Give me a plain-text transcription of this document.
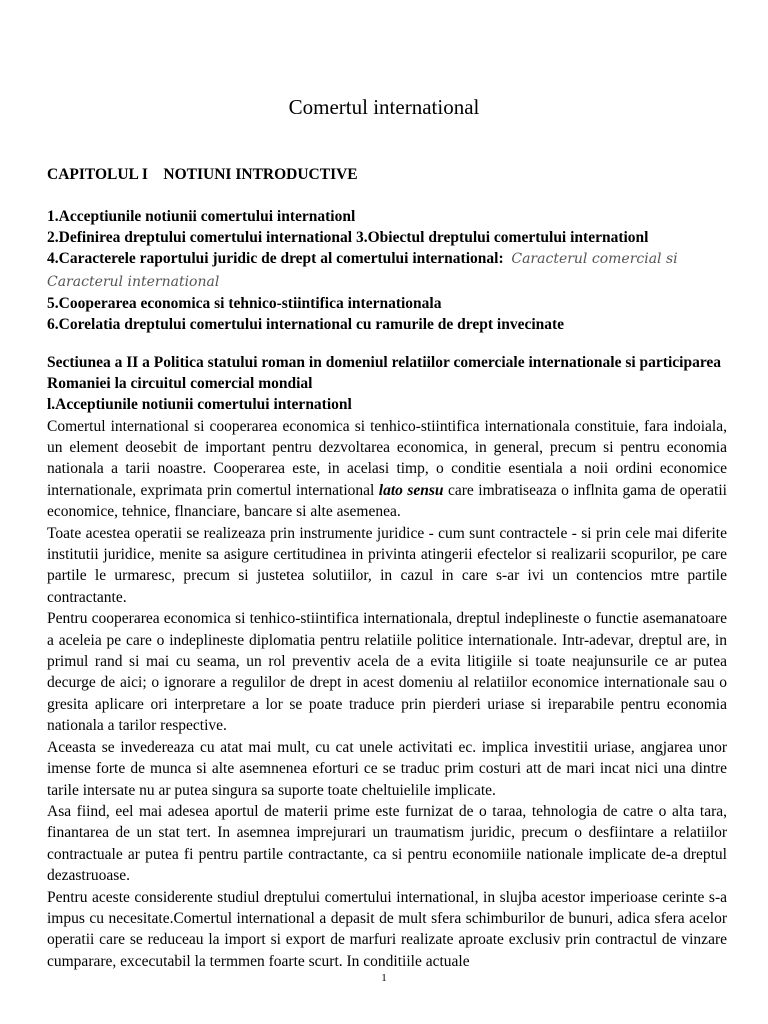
Comertul international
CAPITOLUL I    NOTIUNI INTRODUCTIVE
1.Acceptiunile notiunii comertului internationl
2.Definirea dreptului comertului international 3.Obiectul dreptului comertului internationl
4.Caracterele raportului juridic de drept al comertului international: Caracterul comercial si Caracterul international
5.Cooperarea economica si tehnico-stiintifica internationala
6.Corelatia dreptului comertului international cu ramurile de drept invecinate
Sectiunea a II a Politica statului roman in domeniul relatiilor comerciale internationale si participarea Romaniei la circuitul comercial mondial
l.Acceptiunile notiunii comertului internationl

Comertul international si cooperarea economica si tenhico-stiintifica internationala constituie, fara indoiala, un element deosebit de important pentru dezvoltarea economica, in general, precum si pentru economia nationala a tarii noastre. Cooperarea este, in acelasi timp, o conditie esentiala a noii ordini economice internationale, exprimata prin comertul international lato sensu care imbratiseaza o inflnita gama de operatii economice, tehnice, flnanciare, bancare si alte asemenea.

Toate acestea operatii se realizeaza prin instrumente juridice - cum sunt contractele - si prin cele mai diferite institutii juridice, menite sa asigure certitudinea in privinta atingerii efectelor si realizarii scopurilor, pe care partile le urmaresc, precum si justetea solutiilor, in cazul in care s-ar ivi un contencios mtre partile contractante.

Pentru cooperarea economica si tenhico-stiintifica internationala, dreptul indeplineste o functie asemanatoare a aceleia pe care o indeplineste diplomatia pentru relatiile politice internationale. Intr-adevar, dreptul are, in primul rand si mai cu seama, un rol preventiv acela de a evita litigiile si toate neajunsurile ce ar putea decurge de aici; o ignorare a regulilor de drept in acest domeniu al relatiilor economice internationale sau o gresita aplicare ori interpretare a lor se poate traduce prin pierderi uriase si ireparabile pentru economia nationala a tarilor respective.

Aceasta se invedereaza cu atat mai mult, cu cat unele activitati ec. implica investitii uriase, angjarea unor imense forte de munca si alte asemnenea eforturi ce se traduc prim costuri att de mari incat nici una dintre tarile intersate nu ar putea singura sa suporte toate cheltuielile implicate.

Asa fiind, eel mai adesea aportul de materii prime este furnizat de o taraa, tehnologia de catre o alta tara, finantarea de un stat tert. In asemnea imprejurari un traumatism juridic, precum o desfiintare a relatiilor contractuale ar putea fi pentru partile contractante, ca si pentru economiile nationale implicate de-a dreptul dezastruoase.

Pentru aceste considerente studiul dreptului comertului international, in slujba acestor imperioase cerinte s-a impus cu necesitate.Comertul international a depasit de mult sfera schimburilor de bunuri, adica sfera acelor operatii care se reduceau la import si export de marfuri realizate aproate exclusiv prin contractul de vinzare cumparare, excecutabil la termmen foarte scurt. In conditiile actuale

1
